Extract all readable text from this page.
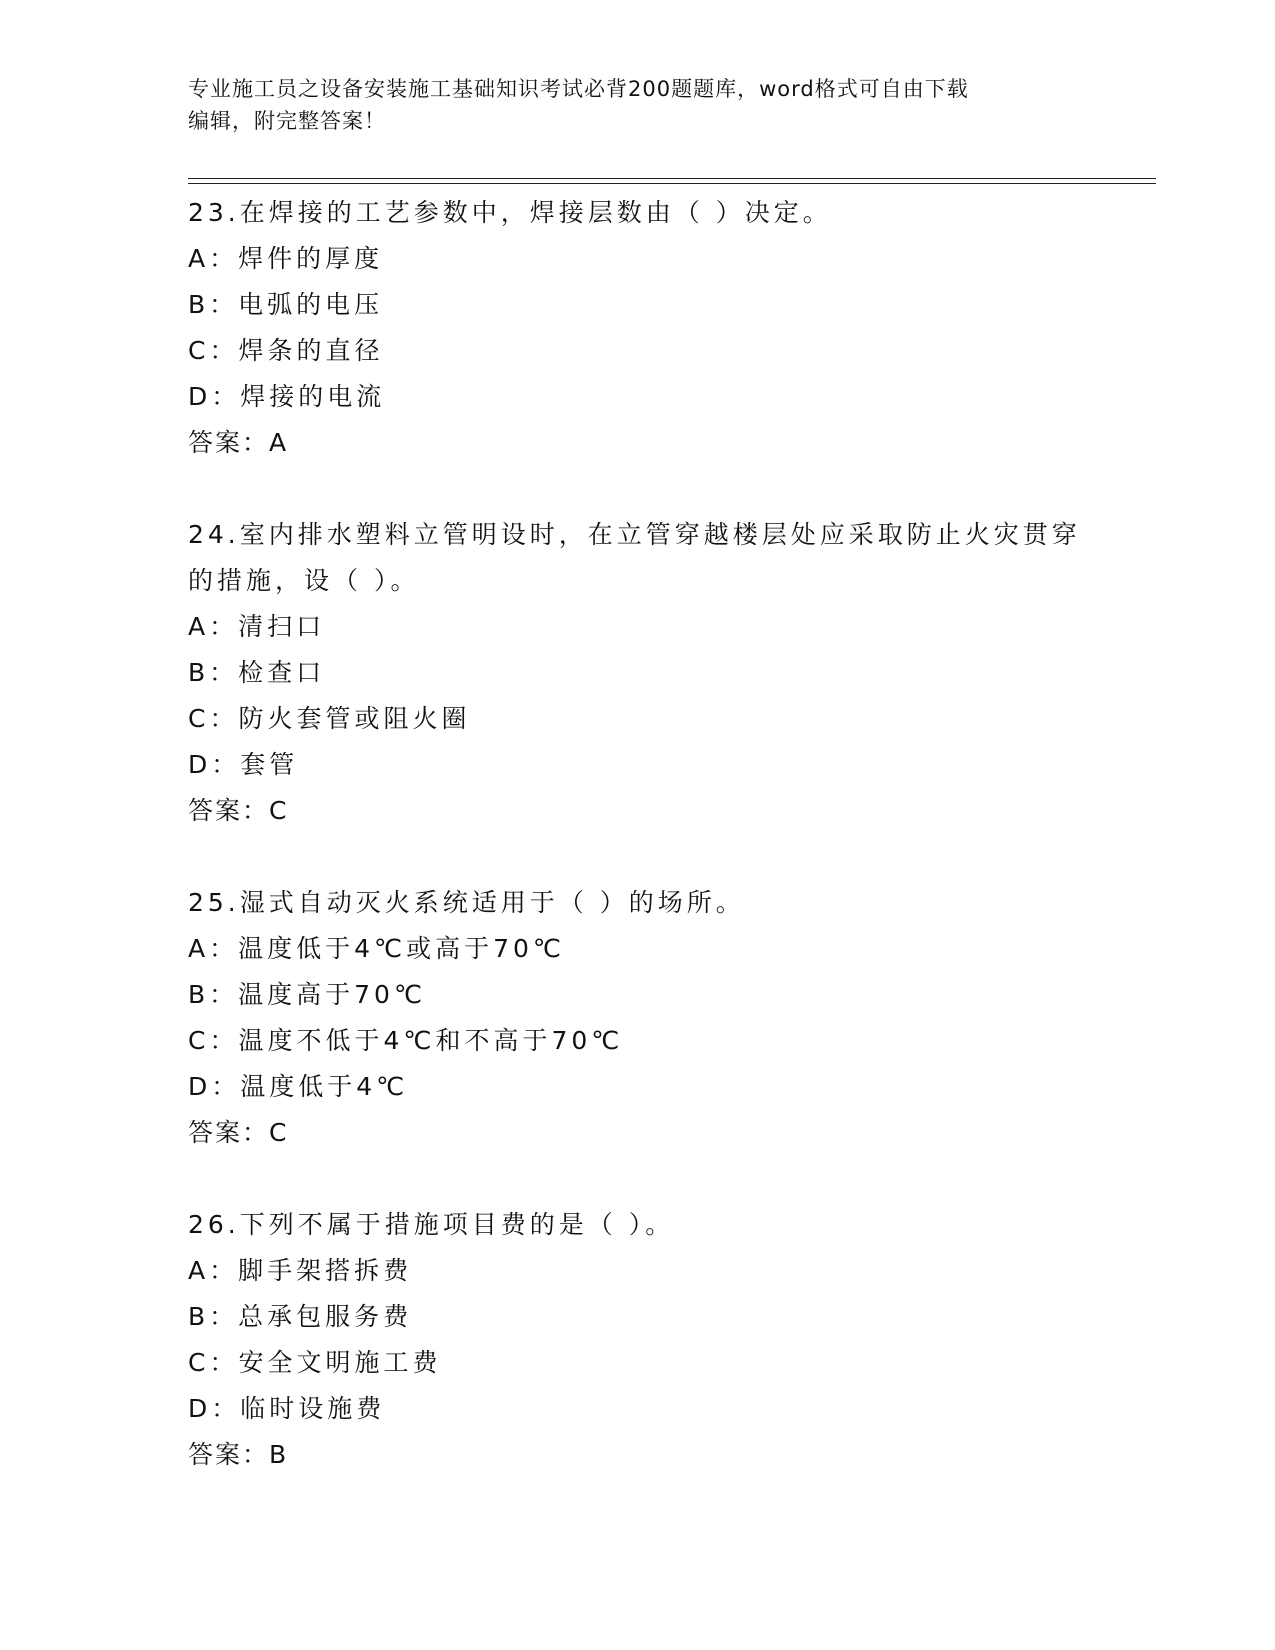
专业施工员之设备安装施工基础知识考试必背200题题库，word格式可自由下载
编辑，附完整答案！
23.在焊接的工艺参数中，焊接层数由（ ）决定。
A：焊件的厚度
B：电弧的电压
C：焊条的直径
D：焊接的电流
答案：A
24.室内排水塑料立管明设时，在立管穿越楼层处应采取防止火灾贯穿
的措施，设（ ）。
A：清扫口
B：检查口
C：防火套管或阻火圈
D：套管
答案：C
25.湿式自动灭火系统适用于（ ）的场所。
A：温度低于4℃或高于70℃
B：温度高于70℃
C：温度不低于4℃和不高于70℃
D：温度低于4℃
答案：C
26.下列不属于措施项目费的是（ ）。
A：脚手架搭拆费
B：总承包服务费
C：安全文明施工费
D：临时设施费
答案：B
